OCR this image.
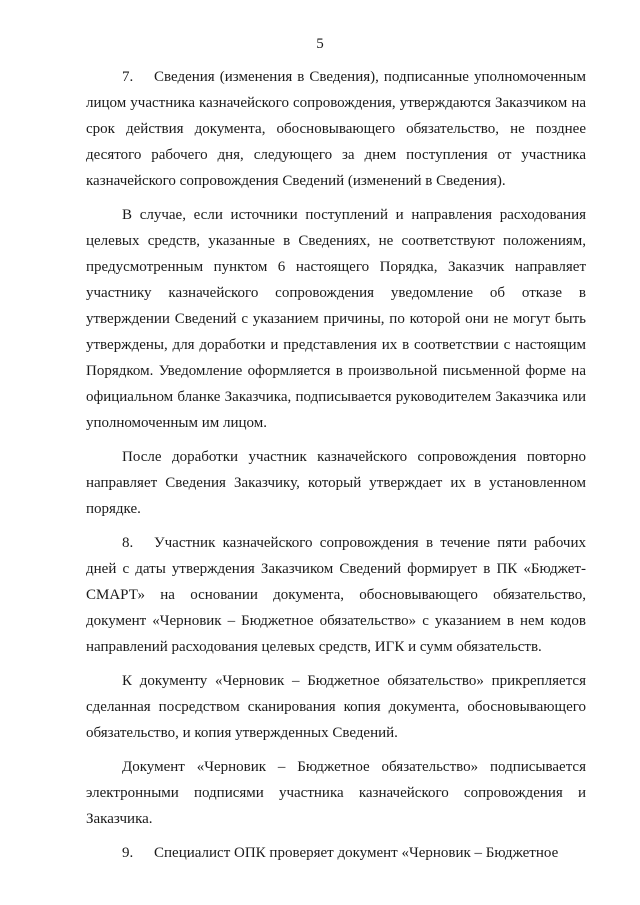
5

7. Сведения (изменения в Сведения), подписанные уполномоченным лицом участника казначейского сопровождения, утверждаются Заказчиком на срок действия документа, обосновывающего обязательство, не позднее десятого рабочего дня, следующего за днем поступления от участника казначейского сопровождения Сведений (изменений в Сведения).

В случае, если источники поступлений и направления расходования целевых средств, указанные в Сведениях, не соответствуют положениям, предусмотренным пунктом 6 настоящего Порядка, Заказчик направляет участнику казначейского сопровождения уведомление об отказе в утверждении Сведений с указанием причины, по которой они не могут быть утверждены, для доработки и представления их в соответствии с настоящим Порядком. Уведомление оформляется в произвольной письменной форме на официальном бланке Заказчика, подписывается руководителем Заказчика или уполномоченным им лицом.

После доработки участник казначейского сопровождения повторно направляет Сведения Заказчику, который утверждает их в установленном порядке.

8. Участник казначейского сопровождения в течение пяти рабочих дней с даты утверждения Заказчиком Сведений формирует в ПК «Бюджет-СМАРТ» на основании документа, обосновывающего обязательство, документ «Черновик – Бюджетное обязательство» с указанием в нем кодов направлений расходования целевых средств, ИГК и сумм обязательств.

К документу «Черновик – Бюджетное обязательство» прикрепляется сделанная посредством сканирования копия документа, обосновывающего обязательство, и копия утвержденных Сведений.

Документ «Черновик – Бюджетное обязательство» подписывается электронными подписями участника казначейского сопровождения и Заказчика.

9. Специалист ОПК проверяет документ «Черновик – Бюджетное
